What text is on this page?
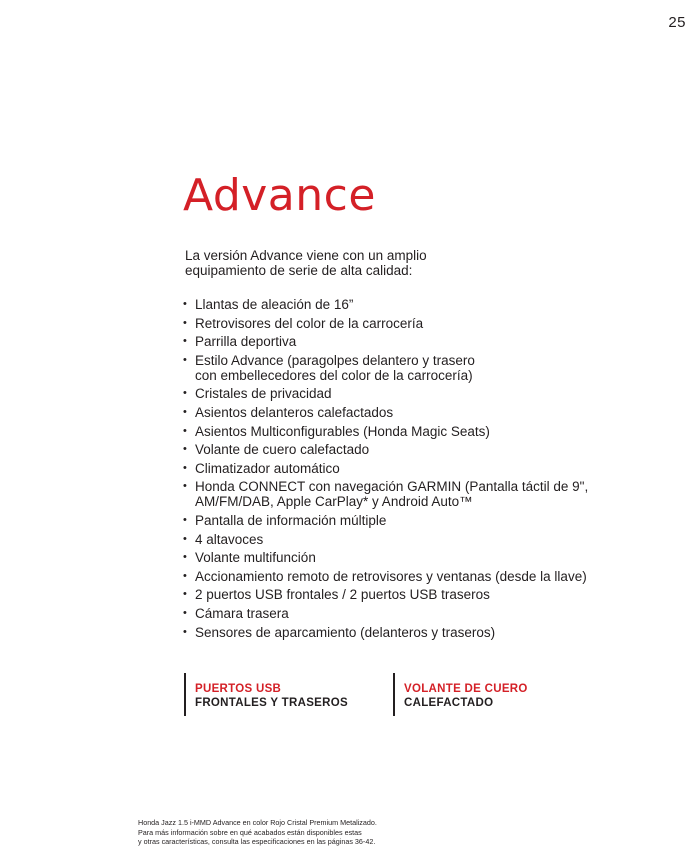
25
Advance
La versión Advance viene con un amplio equipamiento de serie de alta calidad:
• Llantas de aleación de 16”
• Retrovisores del color de la carrocería
• Parrilla deportiva
• Estilo Advance (paragolpes delantero y trasero
con embellecedores del color de la carrocería)
• Cristales de privacidad
• Asientos delanteros calefactados
• Asientos Multiconfigurables (Honda Magic Seats)
• Volante de cuero calefactado
• Climatizador automático
• Honda CONNECT con navegación GARMIN (Pantalla táctil de 9",
AM/FM/DAB, Apple CarPlay* y Android Auto™
• Pantalla de información múltiple
• 4 altavoces
• Volante multifunción
• Accionamiento remoto de retrovisores y ventanas (desde la llave)
• 2 puertos USB frontales / 2 puertos USB traseros
• Cámara trasera
• Sensores de aparcamiento (delanteros y traseros)
PUERTOS USB
FRONTALES Y TRASEROS
VOLANTE DE CUERO
CALEFACTADO
Honda Jazz 1.5 i-MMD Advance en color Rojo Cristal Premium Metalizado.
Para más información sobre en qué acabados están disponibles estas
y otras características, consulta las especificaciones en las páginas 36-42.
